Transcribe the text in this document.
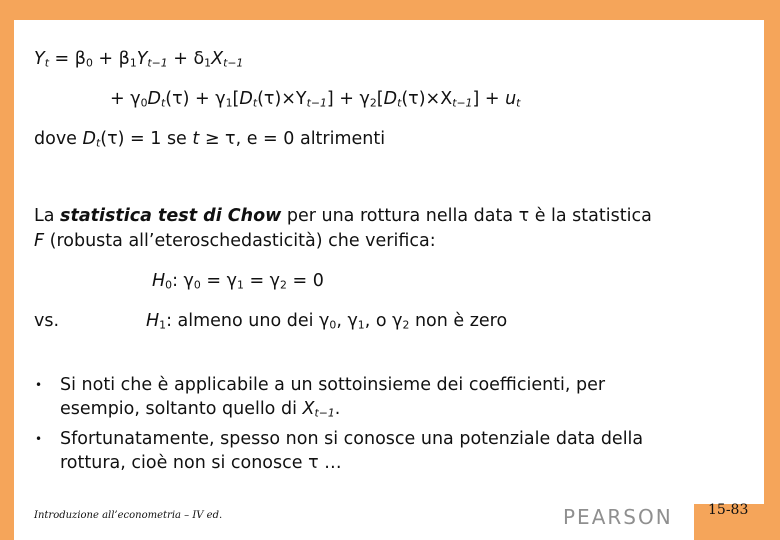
$Y_t = \beta_0 + \beta_1Y_{t-1} + \delta_1X_{t-1}$
+ $\gamma_0D_t(\tau) + \gamma_1[D_t(\tau)\times Y_{t-1}] + \gamma_2[D_t(\tau)\times X_{t-1}] + u_t$
dove $D_t(\tau) = 1$ se t ≥ τ, e = 0 altrimenti
La statistica test di Chow per una rottura nella data τ è la statistica
F (robusta all’eteroschedasticità) che verifica:
$H_0$: $\gamma_0 = \gamma_1 = \gamma_2 = 0$
vs.	$H_1$: almeno uno dei $\gamma_0$, $\gamma_1$, o $\gamma_2$ non è zero
• Si noti che è applicabile a un sottoinsieme dei coefficienti, per
esempio, soltanto quello di $X_{t-1}$.
• Sfortunatamente, spesso non si conosce una potenziale data della
rottura, cioè non si conosce τ …
Introduzione all’econometria – IV ed.	PEARSON	15-83
